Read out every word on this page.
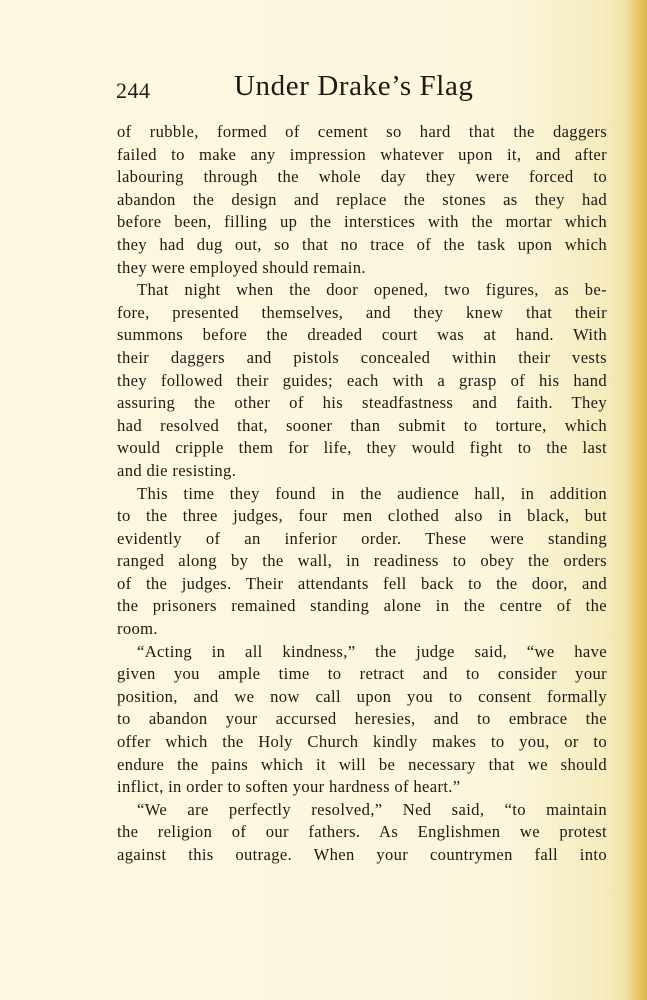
244	Under Drake’s Flag
of rubble, formed of cement so hard that the daggers
failed to make any impression whatever upon it, and after
labouring through the whole day they were forced to
abandon the design and replace the stones as they had
before been, filling up the interstices with the mortar which
they had dug out, so that no trace of the task upon which
they were employed should remain.
That night when the door opened, two figures, as be-
fore, presented themselves, and they knew that their
summons before the dreaded court was at hand. With
their daggers and pistols concealed within their vests
they followed their guides; each with a grasp of his hand
assuring the other of his steadfastness and faith. They
had resolved that, sooner than submit to torture, which
would cripple them for life, they would fight to the last
and die resisting.
This time they found in the audience hall, in addition
to the three judges, four men clothed also in black, but
evidently of an inferior order. These were standing
ranged along by the wall, in readiness to obey the orders
of the judges. Their attendants fell back to the door, and
the prisoners remained standing alone in the centre of the
room.
“Acting in all kindness,” the judge said, “we have
given you ample time to retract and to consider your
position, and we now call upon you to consent formally
to abandon your accursed heresies, and to embrace the
offer which the Holy Church kindly makes to you, or to
endure the pains which it will be necessary that we should
inflict, in order to soften your hardness of heart.”
“We are perfectly resolved,” Ned said, “to maintain
the religion of our fathers. As Englishmen we protest
against this outrage. When your countrymen fall into
